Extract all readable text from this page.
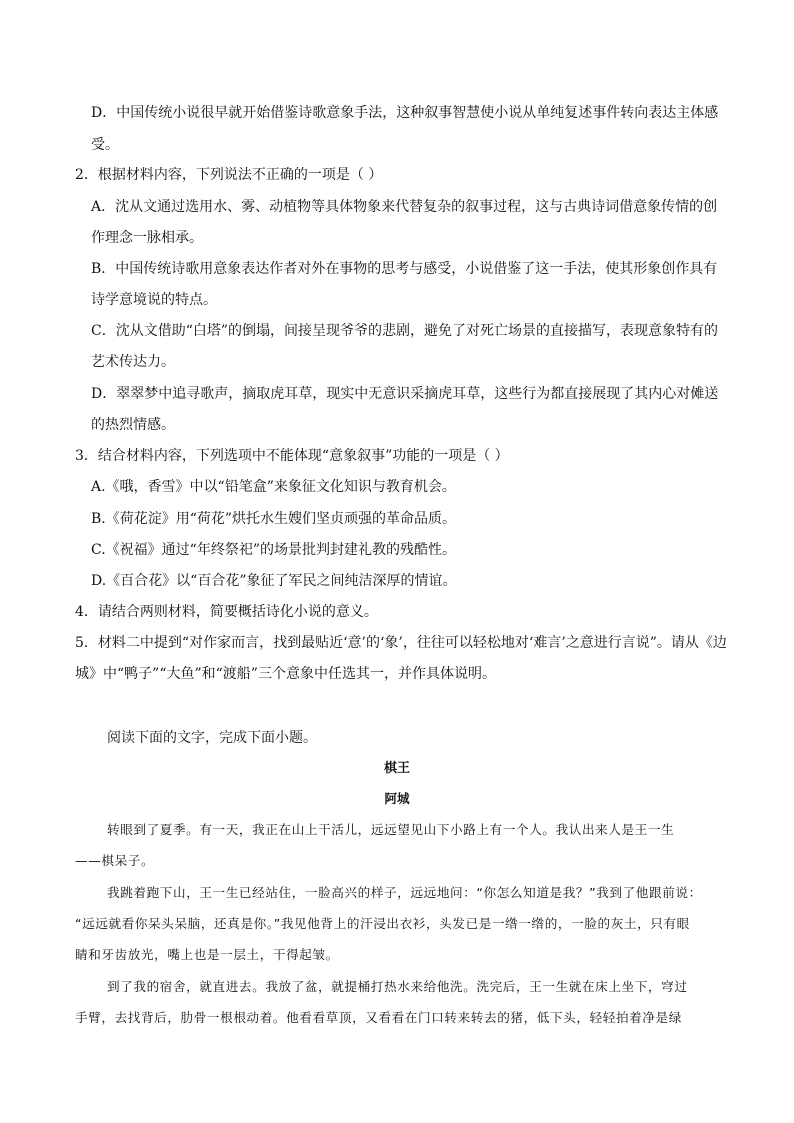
D．中国传统小说很早就开始借鉴诗歌意象手法，这种叙事智慧使小说从单纯复述事件转向表达主体感
受。
2．根据材料内容，下列说法不正确的一项是（ ）
A．沈从文通过选用水、雾、动植物等具体物象来代替复杂的叙事过程，这与古典诗词借意象传情的创
作理念一脉相承。
B．中国传统诗歌用意象表达作者对外在事物的思考与感受，小说借鉴了这一手法，使其形象创作具有
诗学意境说的特点。
C．沈从文借助“白塔”的倒塌，间接呈现爷爷的悲剧，避免了对死亡场景的直接描写，表现意象特有的
艺术传达力。
D．翠翠梦中追寻歌声，摘取虎耳草，现实中无意识采摘虎耳草，这些行为都直接展现了其内心对傩送
的热烈情感。
3．结合材料内容，下列选项中不能体现“意象叙事”功能的一项是（ ）
A.《哦，香雪》中以“铅笔盒”来象征文化知识与教育机会。
B.《荷花淀》用“荷花”烘托水生嫂们坚贞顽强的革命品质。
C.《祝福》通过“年终祭祀”的场景批判封建礼教的残酷性。
D.《百合花》以“百合花”象征了军民之间纯洁深厚的情谊。
4．请结合两则材料，简要概括诗化小说的意义。
5．材料二中提到“对作家而言，找到最贴近‘意’的‘象’，往往可以轻松地对‘难言’之意进行言说”。请从《边
城》中“鸭子”“大鱼”和“渡船”三个意象中任选其一，并作具体说明。
阅读下面的文字，完成下面小题。
棋王
阿城
转眼到了夏季。有一天，我正在山上干活儿，远远望见山下小路上有一个人。我认出来人是王一生
——棋呆子。
我跳着跑下山，王一生已经站住，一脸高兴的样子，远远地问：“你怎么知道是我？”我到了他跟前说：
“远远就看你呆头呆脑，还真是你。”我见他背上的汗浸出衣衫，头发已是一绺一绺的，一脸的灰土，只有眼
睛和牙齿放光，嘴上也是一层土，干得起皱。
到了我的宿舍，就直进去。我放了盆，就提桶打热水来给他洗。洗完后，王一生就在床上坐下，穹过
手臂，去找背后，肋骨一根根动着。他看看草顶，又看看在门口转来转去的猪，低下头，轻轻拍着净是绿
